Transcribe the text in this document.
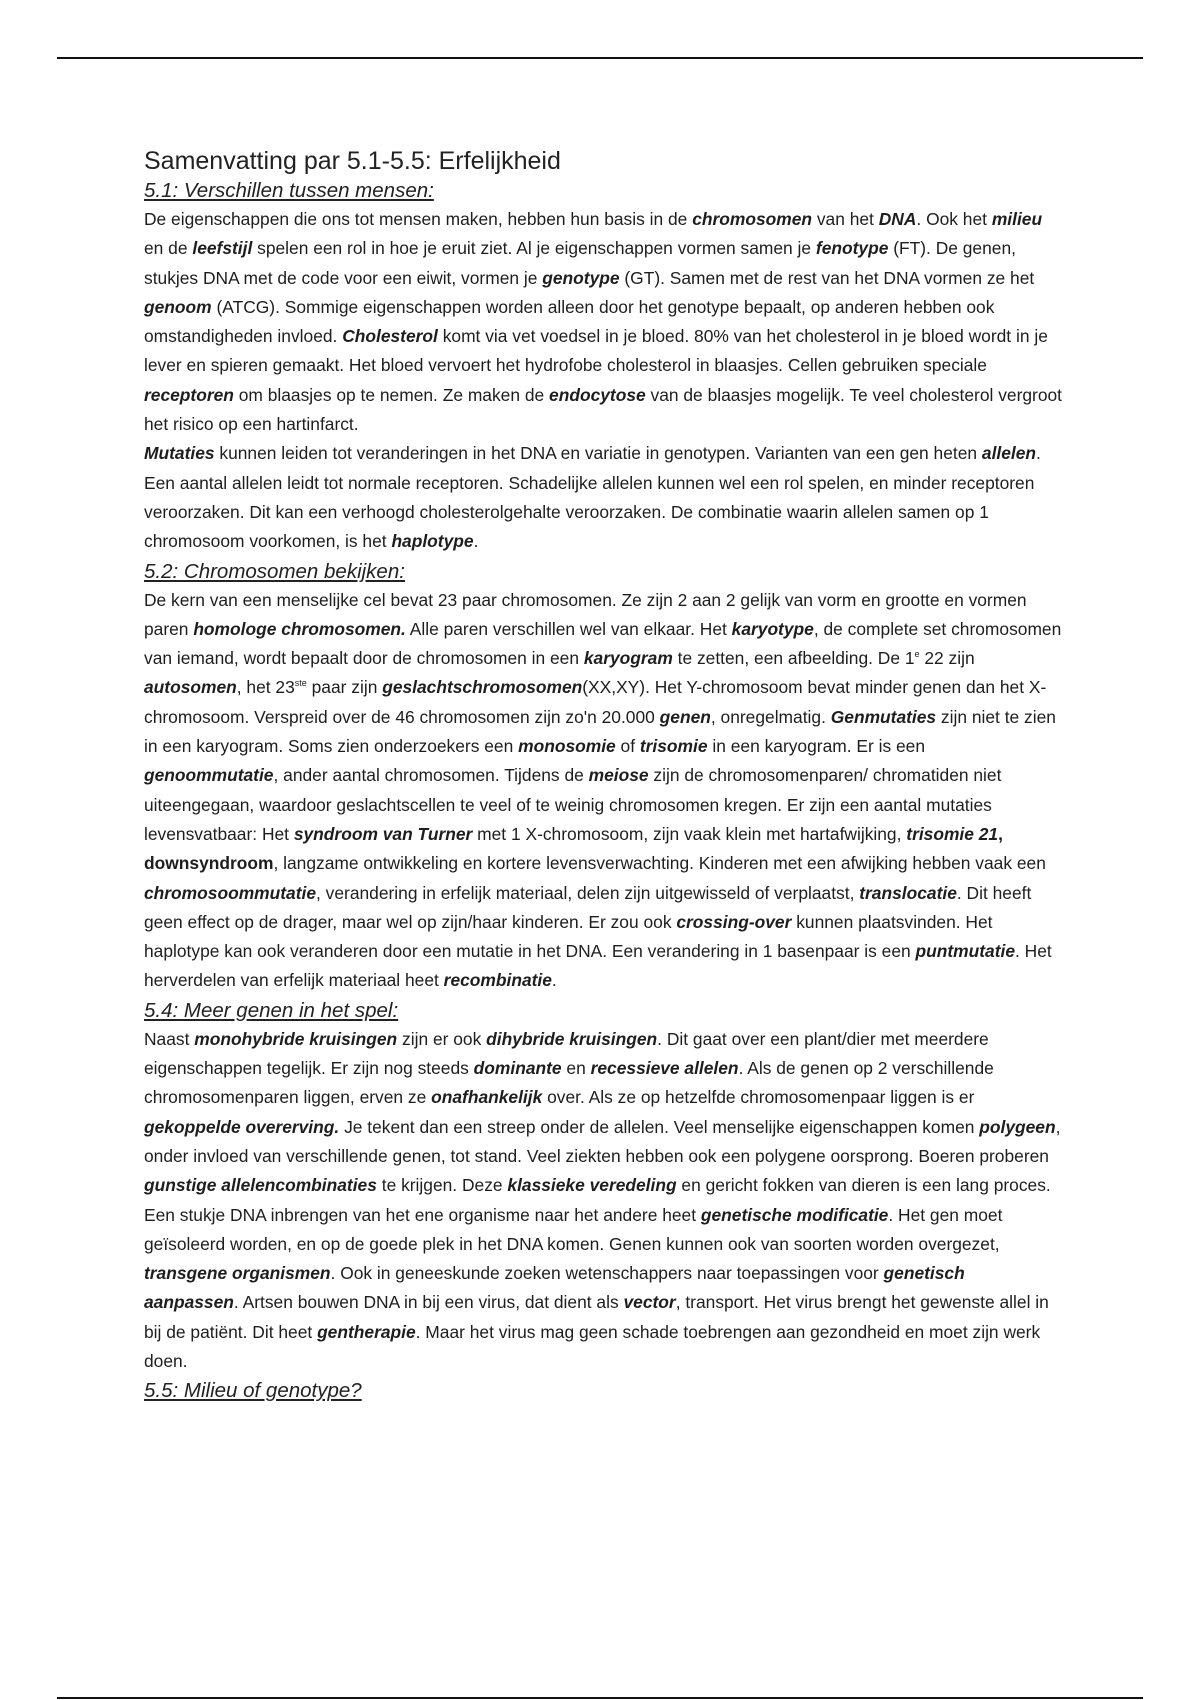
Samenvatting par 5.1-5.5: Erfelijkheid
5.1: Verschillen tussen mensen:

De eigenschappen die ons tot mensen maken, hebben hun basis in de chromosomen van het DNA. Ook het milieu en de leefstijl spelen een rol in hoe je eruit ziet. Al je eigenschappen vormen samen je fenotype (FT). De genen, stukjes DNA met de code voor een eiwit, vormen je genotype (GT). Samen met de rest van het DNA vormen ze het genoom (ATCG). Sommige eigenschappen worden alleen door het genotype bepaalt, op anderen hebben ook omstandigheden invloed. Cholesterol komt via vet voedsel in je bloed. 80% van het cholesterol in je bloed wordt in je lever en spieren gemaakt. Het bloed vervoert het hydrofobe cholesterol in blaasjes. Cellen gebruiken speciale receptoren om blaasjes op te nemen. Ze maken de endocytose van de blaasjes mogelijk. Te veel cholesterol vergroot het risico op een hartinfarct.

Mutaties kunnen leiden tot veranderingen in het DNA en variatie in genotypen. Varianten van een gen heten allelen. Een aantal allelen leidt tot normale receptoren. Schadelijke allelen kunnen wel een rol spelen, en minder receptoren veroorzaken. Dit kan een verhoogd cholesterolgehalte veroorzaken. De combinatie waarin allelen samen op 1 chromosoom voorkomen, is het haplotype.

5.2: Chromosomen bekijken:

De kern van een menselijke cel bevat 23 paar chromosomen. Ze zijn 2 aan 2 gelijk van vorm en grootte en vormen paren homologe chromosomen. Alle paren verschillen wel van elkaar. Het karyotype, de complete set chromosomen van iemand, wordt bepaalt door de chromosomen in een karyogram te zetten, een afbeelding. De 1e 22 zijn autosomen, het 23ste paar zijn geslachtschromosomen(XX,XY). Het Y-chromosoom bevat minder genen dan het X-chromosoom. Verspreid over de 46 chromosomen zijn zo'n 20.000 genen, onregelmatig. Genmutaties zijn niet te zien in een karyogram. Soms zien onderzoekers een monosomie of trisomie in een karyogram. Er is een genoommutatie, ander aantal chromosomen. Tijdens de meiose zijn de chromosomenparen/ chromatiden niet uiteengegaan, waardoor geslachtscellen te veel of te weinig chromosomen kregen. Er zijn een aantal mutaties levensvatbaar: Het syndroom van Turner met 1 X-chromosoom, zijn vaak klein met hartafwijking, trisomie 21, downsyndroom, langzame ontwikkeling en kortere levensverwachting. Kinderen met een afwijking hebben vaak een chromosoommutatie, verandering in erfelijk materiaal, delen zijn uitgewisseld of verplaatst, translocatie. Dit heeft geen effect op de drager, maar wel op zijn/haar kinderen. Er zou ook crossing-over kunnen plaatsvinden. Het haplotype kan ook veranderen door een mutatie in het DNA. Een verandering in 1 basenpaar is een puntmutatie. Het herverdelen van erfelijk materiaal heet recombinatie.

5.4: Meer genen in het spel:

Naast monohybride kruisingen zijn er ook dihybride kruisingen. Dit gaat over een plant/dier met meerdere eigenschappen tegelijk. Er zijn nog steeds dominante en recessieve allelen. Als de genen op 2 verschillende chromosomenparen liggen, erven ze onafhankelijk over. Als ze op hetzelfde chromosomenpaar liggen is er gekoppelde overerving. Je tekent dan een streep onder de allelen. Veel menselijke eigenschappen komen polygeen, onder invloed van verschillende genen, tot stand. Veel ziekten hebben ook een polygene oorsprong. Boeren proberen gunstige allelencombinaties te krijgen. Deze klassieke veredeling en gericht fokken van dieren is een lang proces. Een stukje DNA inbrengen van het ene organisme naar het andere heet genetische modificatie. Het gen moet geïsoleerd worden, en op de goede plek in het DNA komen. Genen kunnen ook van soorten worden overgezet, transgene organismen. Ook in geneeskunde zoeken wetenschappers naar toepassingen voor genetisch aanpassen. Artsen bouwen DNA in bij een virus, dat dient als vector, transport. Het virus brengt het gewenste allel in bij de patiënt. Dit heet gentherapie. Maar het virus mag geen schade toebrengen aan gezondheid en moet zijn werk doen.

5.5: Milieu of genotype?
